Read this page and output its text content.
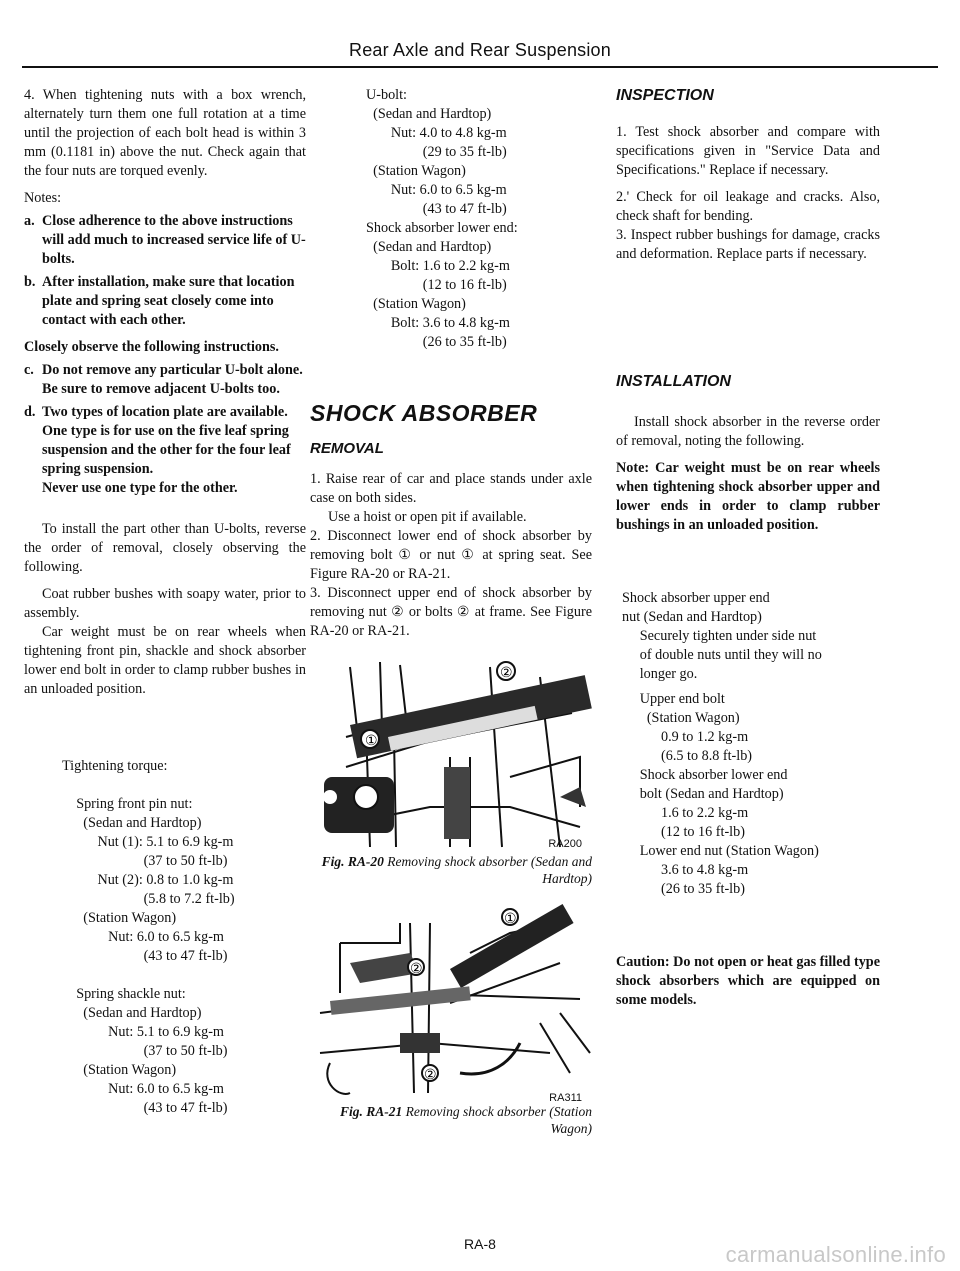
Rear Axle and Rear Suspension

4. When tightening nuts with a box wrench, alternately turn them one full rotation at a time until the projection of each bolt head is within 3 mm (0.1181 in) above the nut. Check again that the four nuts are torqued evenly.

Notes:

a. Close adherence to the above instructions will add much to increased service life of U-bolts.
b. After installation, make sure that location plate and spring seat closely come into contact with each other.

Closely observe the following instructions.

c. Do not remove any particular U-bolt alone. Be sure to remove adjacent U-bolts too.
d. Two types of location plate are available. One type is for use on the five leaf spring suspension and the other for the four leaf spring suspension.

Never use one type for the other.

To install the part other than U-bolts, reverse the order of removal, closely observing the following.

Coat rubber bushes with soapy water, prior to assembly.

Car weight must be on rear wheels when tightening front pin, shackle and shock absorber lower end bolt in order to clamp rubber bushes in an unloaded position.

Tightening torque:

Spring front pin nut:
(Sedan and Hardtop)
Nut (1): 5.1 to 6.9 kg-m
(37 to 50 ft-lb)
Nut (2): 0.8 to 1.0 kg-m
(5.8 to 7.2 ft-lb)
(Station Wagon)
Nut: 6.0 to 6.5 kg-m
(43 to 47 ft-lb)

Spring shackle nut:
(Sedan and Hardtop)
Nut: 5.1 to 6.9 kg-m
(37 to 50 ft-lb)
(Station Wagon)
Nut: 6.0 to 6.5 kg-m
(43 to 47 ft-lb)
U-bolt:
(Sedan and Hardtop)
Nut: 4.0 to 4.8 kg-m
(29 to 35 ft-lb)
(Station Wagon)
Nut: 6.0 to 6.5 kg-m
(43 to 47 ft-lb)
Shock absorber lower end:
(Sedan and Hardtop)
Bolt: 1.6 to 2.2 kg-m
(12 to 16 ft-lb)
(Station Wagon)
Bolt: 3.6 to 4.8 kg-m
(26 to 35 ft-lb)
SHOCK ABSORBER
REMOVAL

1. Raise rear of car and place stands under axle case on both sides.

Use a hoist or open pit if available.

2. Disconnect lower end of shock absorber by removing bolt ① or nut ① at spring seat. See Figure RA-20 or RA-21.

3. Disconnect upper end of shock absorber by removing nut ② or bolts ② at frame. See Figure RA-20 or RA-21.

①
②
RA200

Fig. RA-20 Removing shock absorber (Sedan and Hardtop)

①
②
②
RA311

Fig. RA-21 Removing shock absorber (Station Wagon)

INSPECTION

1. Test shock absorber and compare with specifications given in "Service Data and Specifications." Replace if necessary.

2.' Check for oil leakage and cracks. Also, check shaft for bending.

3. Inspect rubber bushings for damage, cracks and deformation. Replace parts if necessary.

INSTALLATION

Install shock absorber in the reverse order of removal, noting the following.

Note: Car weight must be on rear wheels when tightening shock absorber upper and lower ends in order to clamp rubber bushings in an unloaded position.

Shock absorber upper end
nut (Sedan and Hardtop)
Securely tighten under side nut
of double nuts until they will no
longer go.
Upper end bolt
(Station Wagon)
0.9 to 1.2 kg-m
(6.5 to 8.8 ft-lb)
Shock absorber lower end
bolt (Sedan and Hardtop)
1.6 to 2.2 kg-m
(12 to 16 ft-lb)
Lower end nut (Station Wagon)
3.6 to 4.8 kg-m
(26 to 35 ft-lb)

Caution: Do not open or heat gas filled type shock absorbers which are equipped on some models.

RA-8	carmanualsonline.info
